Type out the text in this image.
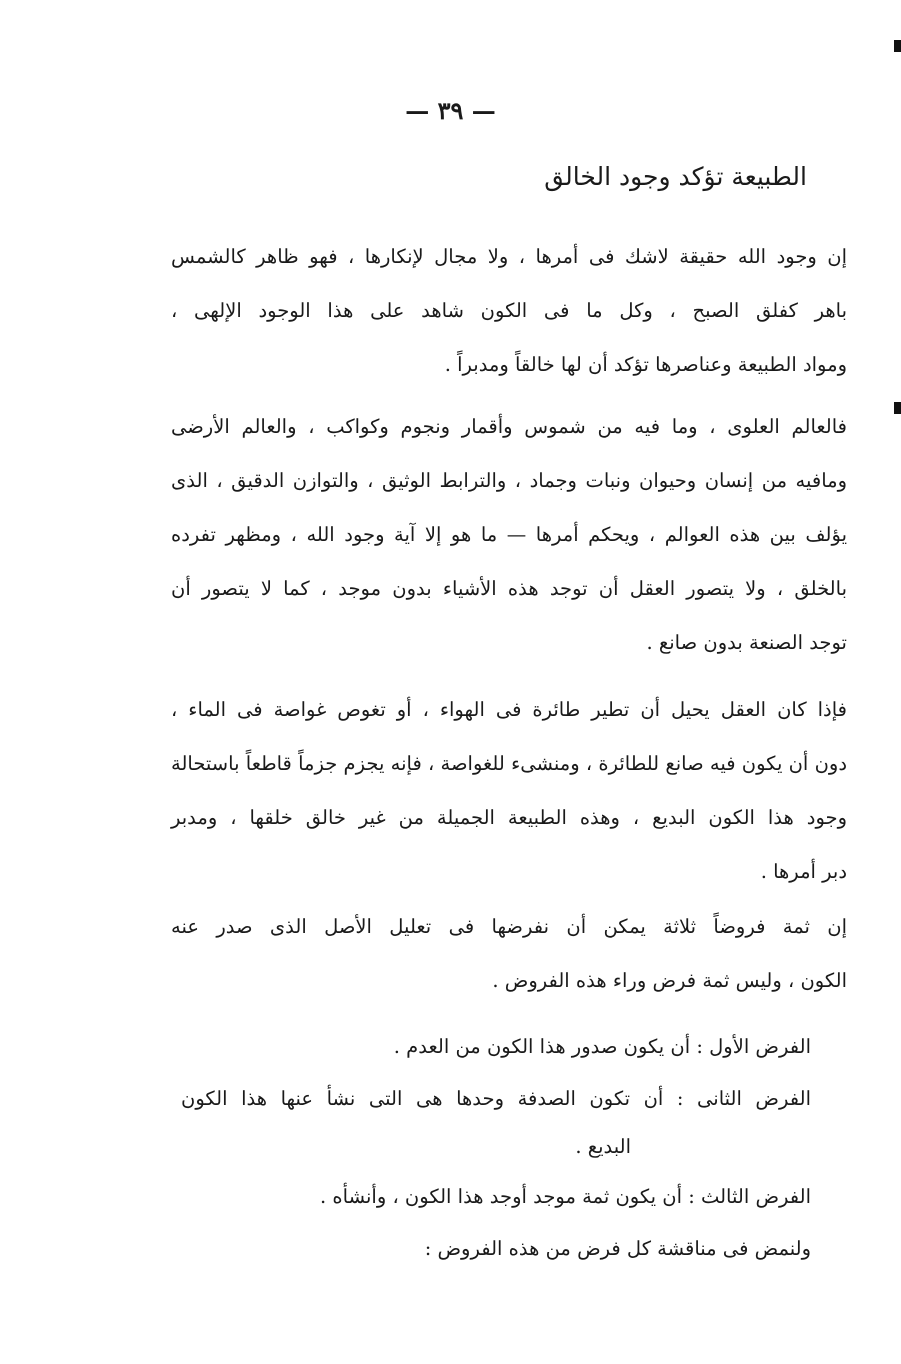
— ٣٩ —
الطبيعة تؤكد وجود الخالق
إن وجود الله حقيقة لاشك فى أمرها ، ولا مجال لإنكارها ، فهو ظاهر كالشمس
باهر كفلق الصبح ، وكل ما فى الكون شاهد على هذا الوجود الإلهى ،
ومواد الطبيعة وعناصرها تؤكد أن لها خالقاً ومدبراً .
فالعالم العلوى ، وما فيه من شموس وأقمار ونجوم وكواكب ، والعالم الأرضى
ومافيه من إنسان وحيوان ونبات وجماد ، والترابط الوثيق ، والتوازن الدقيق ، الذى
يؤلف بين هذه العوالم ، ويحكم أمرها — ما هو إلا آية وجود الله ، ومظهر تفرده
بالخلق ، ولا يتصور العقل أن توجد هذه الأشياء بدون موجد ، كما لا يتصور أن
توجد الصنعة بدون صانع .
فإذا كان العقل يحيل أن تطير طائرة فى الهواء ، أو تغوص غواصة فى الماء ،
دون أن يكون فيه صانع للطائرة ، ومنشىء للغواصة ، فإنه يجزم جزماً قاطعاً باستحالة
وجود هذا الكون البديع ، وهذه الطبيعة الجميلة من غير خالق خلقها ، ومدبر
دبر أمرها .
إن ثمة فروضاً ثلاثة يمكن أن نفرضها فى تعليل الأصل الذى صدر عنه
الكون ، وليس ثمة فرض وراء هذه الفروض .
الفرض الأول : أن يكون صدور هذا الكون من العدم .
الفرض الثانى : أن تكون الصدفة وحدها هى التى نشأ عنها هذا الكون
البديع .
الفرض الثالث : أن يكون ثمة موجد أوجد هذا الكون ، وأنشأه .
ولنمض فى مناقشة كل فرض من هذه الفروض :
